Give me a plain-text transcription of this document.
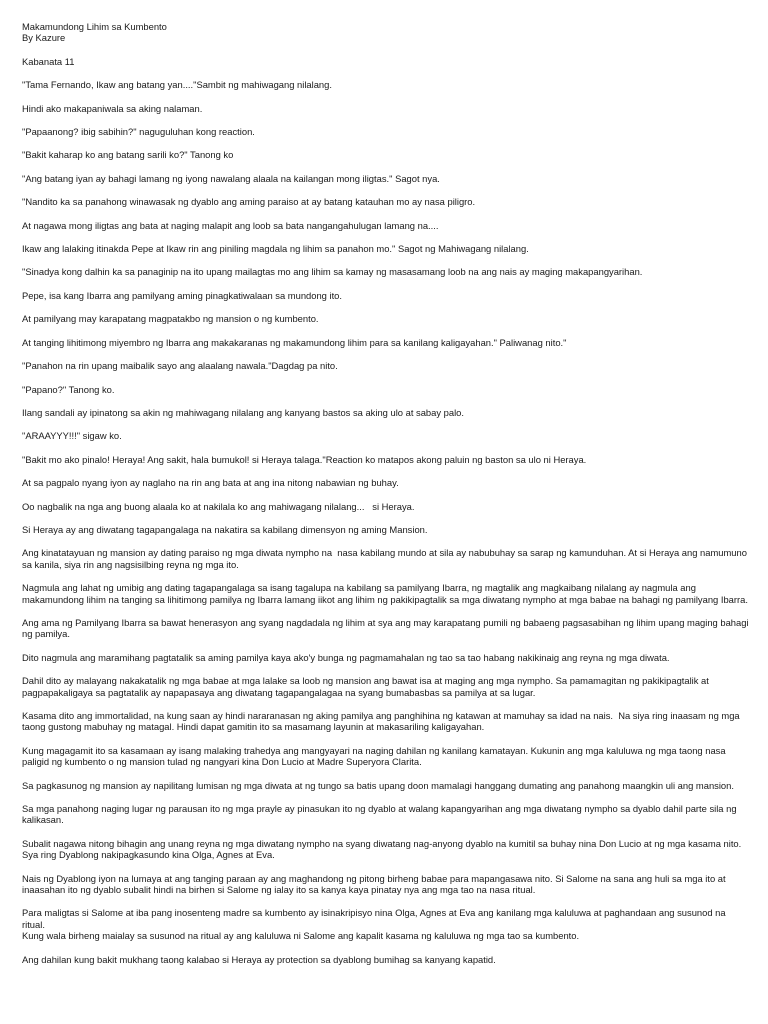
Makamundong Lihim sa Kumbento

By Kazure

Kabanata 11

"Tama Fernando, Ikaw ang batang yan...."Sambit ng mahiwagang nilalang.

Hindi ako makapaniwala sa aking nalaman.

"Papaanong? ibig sabihin?" naguguluhan kong reaction.

"Bakit kaharap ko ang batang sarili ko?" Tanong ko

"Ang batang iyan ay bahagi lamang ng iyong nawalang alaala na kailangan mong iligtas." Sagot nya.

"Nandito ka sa panahong winawasak ng dyablo ang aming paraiso at ay batang katauhan mo ay nasa piligro.

At nagawa mong iligtas ang bata at naging malapit ang loob sa bata nangangahulugan lamang na....

Ikaw ang lalaking itinakda Pepe at Ikaw rin ang piniling magdala ng lihim sa panahon mo." Sagot ng Mahiwagang nilalang.

"Sinadya kong dalhin ka sa panaginip na ito upang mailagtas mo ang lihim sa kamay ng masasamang loob na ang nais ay maging makapangyarihan.

Pepe, isa kang Ibarra ang pamilyang aming pinagkatiwalaan sa mundong ito.

At pamilyang may karapatang magpatakbo ng mansion o ng kumbento.

At tanging lihitimong miyembro ng Ibarra ang makakaranas ng makamundong lihim para sa kanilang kaligayahan." Paliwanag nito."

"Panahon na rin upang maibalik sayo ang alaalang nawala."Dagdag pa nito.

"Papano?" Tanong ko.

Ilang sandali ay ipinatong sa akin ng mahiwagang nilalang ang kanyang bastos sa aking ulo at sabay palo.

"ARAAYYY!!!" sigaw ko.

"Bakit mo ako pinalo! Heraya! Ang sakit, hala bumukol! si Heraya talaga."Reaction ko matapos akong paluin ng baston sa ulo ni Heraya.

At sa pagpalo nyang iyon ay naglaho na rin ang bata at ang ina nitong nabawian ng buhay.

Oo nagbalik na nga ang buong alaala ko at nakilala ko ang mahiwagang nilalang...   si Heraya.

Si Heraya ay ang diwatang tagapangalaga na nakatira sa kabilang dimensyon ng aming Mansion.

Ang kinatatayuan ng mansion ay dating paraiso ng mga diwata nympho na  nasa kabilang mundo at sila ay nabubuhay sa sarap ng kamunduhan. At si Heraya ang namumuno sa kanila, siya rin ang nagsisilbing reyna ng mga ito.

Nagmula ang lahat ng umibig ang dating tagapangalaga sa isang tagalupa na kabilang sa pamilyang Ibarra, ng magtalik ang magkaibang nilalang ay nagmula ang makamundong lihim na tanging sa lihitimong pamilya ng Ibarra lamang iikot ang lihim ng pakikipagtalik sa mga diwatang nympho at mga babae na bahagi ng pamilyang Ibarra.

Ang ama ng Pamilyang Ibarra sa bawat henerasyon ang syang nagdadala ng lihim at sya ang may karapatang pumili ng babaeng pagsasabihan ng lihim upang maging bahagi ng pamilya.

Dito nagmula ang maramihang pagtatalik sa aming pamilya kaya ako'y bunga ng pagmamahalan ng tao sa tao habang nakikinaig ang reyna ng mga diwata.

Dahil dito ay malayang nakakatalik ng mga babae at mga lalake sa loob ng mansion ang bawat isa at maging ang mga nympho. Sa pamamagitan ng pakikipagtalik at pagpapakaligaya sa pagtatalik ay napapasaya ang diwatang tagapangalagaa na syang bumabasbas sa pamilya at sa lugar.

Kasama dito ang immortalidad, na kung saan ay hindi nararanasan ng aking pamilya ang panghihina ng katawan at mamuhay sa idad na nais.  Na siya ring inaasam ng mga taong gustong mabuhay ng matagal. Hindi dapat gamitin ito sa masamang layunin at makasariling kaligayahan.

Kung magagamit ito sa kasamaan ay isang malaking trahedya ang mangyayari na naging dahilan ng kanilang kamatayan. Kukunin ang mga kaluluwa ng mga taong nasa paligid ng kumbento o ng mansion tulad ng nangyari kina Don Lucio at Madre Superyora Clarita.

Sa pagkasunog ng mansion ay napilitang lumisan ng mga diwata at ng tungo sa batis upang doon mamalagi hanggang dumating ang panahong maangkin uli ang mansion.

Sa mga panahong naging lugar ng parausan ito ng mga prayle ay pinasukan ito ng dyablo at walang kapangyarihan ang mga diwatang nympho sa dyablo dahil parte sila ng kalikasan.

Subalit nagawa nitong bihagin ang unang reyna ng mga diwatang nympho na syang diwatang nag-anyong dyablo na kumitil sa buhay nina Don Lucio at ng mga kasama nito. Sya ring Dyablong nakipagkasundo kina Olga, Agnes at Eva.

Nais ng Dyablong iyon na lumaya at ang tanging paraan ay ang maghandong ng pitong birheng babae para mapangasawa nito. Si Salome na sana ang huli sa mga ito at inaasahan ito ng dyablo subalit hindi na birhen si Salome ng ialay ito sa kanya kaya pinatay nya ang mga tao na nasa ritual.

Para maligtas si Salome at iba pang inosenteng madre sa kumbento ay isinakripisyo nina Olga, Agnes at Eva ang kanilang mga kaluluwa at paghandaan ang susunod na ritual.
Kung wala birheng maialay sa susunod na ritual ay ang kaluluwa ni Salome ang kapalit kasama ng kaluluwa ng mga tao sa kumbento.

Ang dahilan kung bakit mukhang taong kalabao si Heraya ay protection sa dyablong bumihag sa kanyang kapatid.
